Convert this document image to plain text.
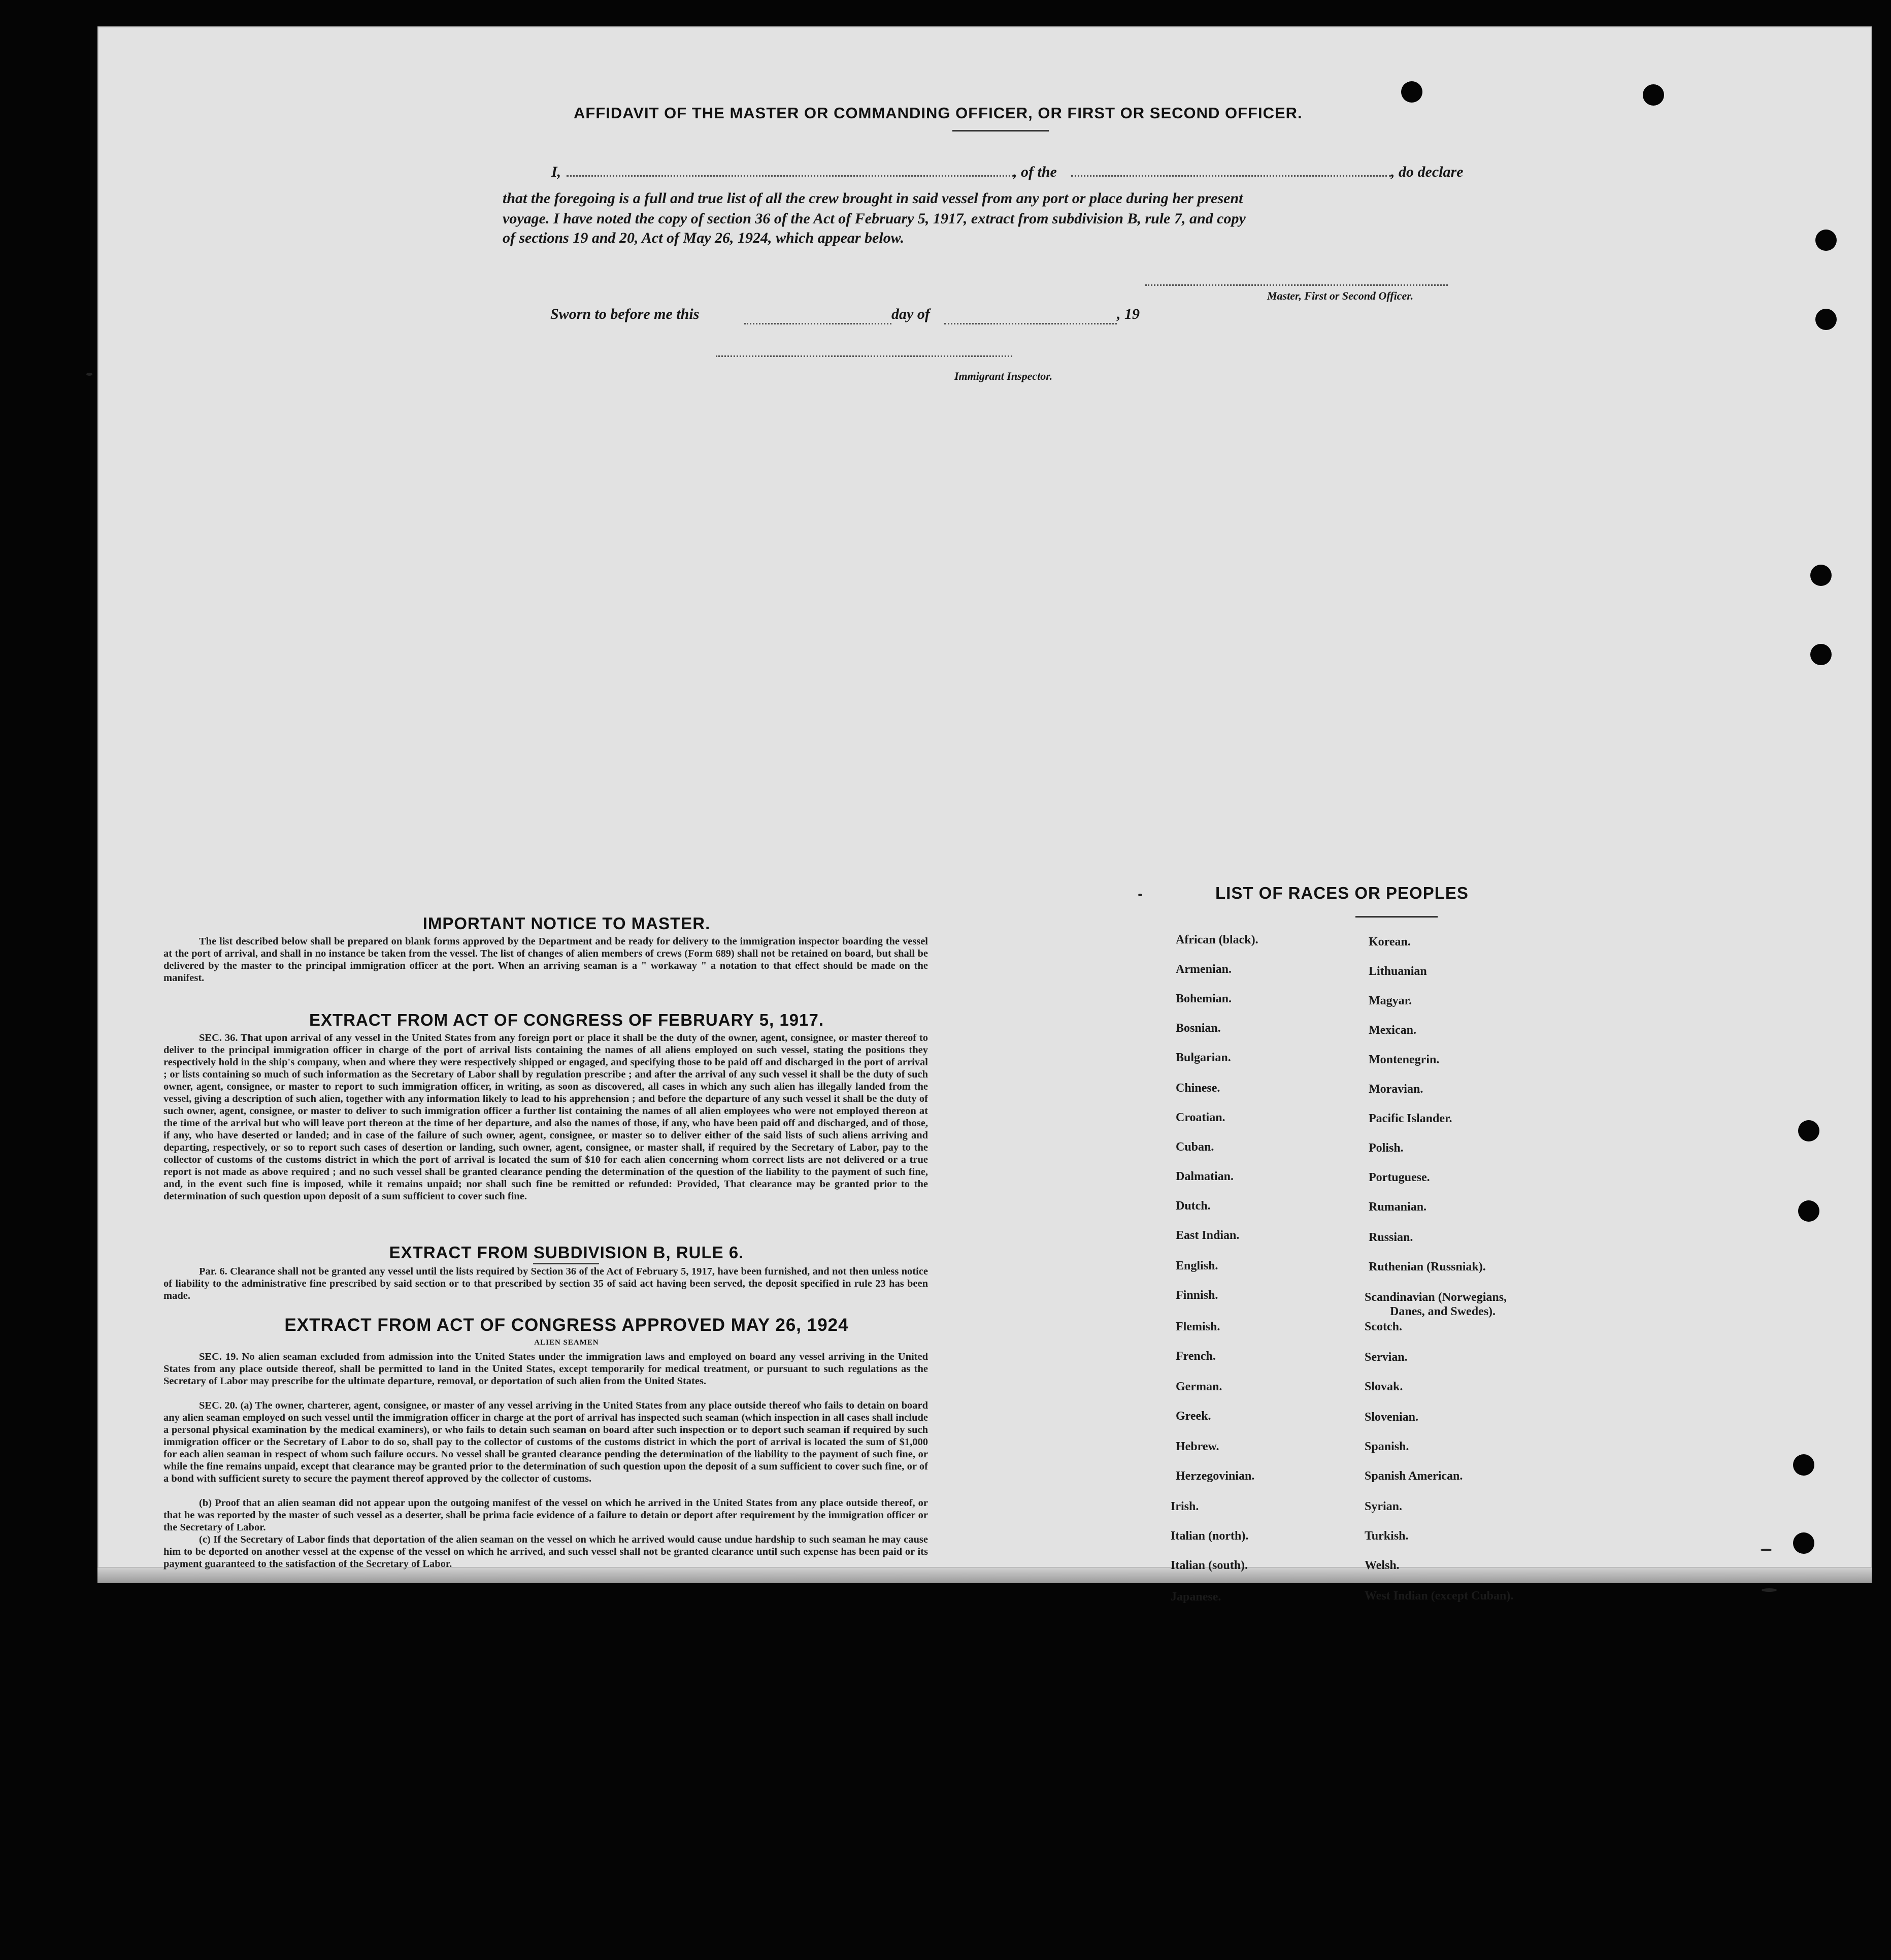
AFFIDAVIT OF THE MASTER OR COMMANDING OFFICER, OR FIRST OR SECOND OFFICER.
I,	, of the	, do declare
that the foregoing is a full and true list of all the crew brought in said vessel from any port or place during her present
voyage. I have noted the copy of section 36 of the Act of February 5, 1917, extract from subdivision B, rule 7, and copy
of sections 19 and 20, Act of May 26, 1924, which appear below.
Master, First or Second Officer.
Sworn to before me this	day of	, 19
Immigrant Inspector.
IMPORTANT NOTICE TO MASTER.
The list described below shall be prepared on blank forms approved by the Department and be ready for delivery to the immigration inspector boarding the vessel at the port of arrival, and shall in no instance be taken from the vessel. The list of changes of alien members of crews (Form 689) shall not be retained on board, but shall be delivered by the master to the principal immigration officer at the port. When an arriving seaman is a " workaway " a notation to that effect should be made on the manifest.
EXTRACT FROM ACT OF CONGRESS OF FEBRUARY 5, 1917.
SEC. 36. That upon arrival of any vessel in the United States from any foreign port or place it shall be the duty of the owner, agent, consignee, or master thereof to deliver to the principal immigration officer in charge of the port of arrival lists containing the names of all aliens employed on such vessel, stating the positions they respectively hold in the ship's company, when and where they were respectively shipped or engaged, and specifying those to be paid off and discharged in the port of arrival ; or lists containing so much of such information as the Secretary of Labor shall by regulation prescribe ; and after the arrival of any such vessel it shall be the duty of such owner, agent, consignee, or master to report to such immigration officer, in writing, as soon as discovered, all cases in which any such alien has illegally landed from the vessel, giving a description of such alien, together with any information likely to lead to his apprehension ; and before the departure of any such vessel it shall be the duty of such owner, agent, consignee, or master to deliver to such immigration officer a further list containing the names of all alien employees who were not employed thereon at the time of the arrival but who will leave port thereon at the time of her departure, and also the names of those, if any, who have been paid off and discharged, and of those, if any, who have deserted or landed; and in case of the failure of such owner, agent, consignee, or master so to deliver either of the said lists of such aliens arriving and departing, respectively, or so to report such cases of desertion or landing, such owner, agent, consignee, or master shall, if required by the Secretary of Labor, pay to the collector of customs of the customs district in which the port of arrival is located the sum of $10 for each alien concerning whom correct lists are not delivered or a true report is not made as above required ; and no such vessel shall be granted clearance pending the determination of the question of the liability to the payment of such fine, and, in the event such fine is imposed, while it remains unpaid; nor shall such fine be remitted or refunded: Provided, That clearance may be granted prior to the determination of such question upon deposit of a sum sufficient to cover such fine.
EXTRACT FROM SUBDIVISION B, RULE 6.
Par. 6. Clearance shall not be granted any vessel until the lists required by Section 36 of the Act of February 5, 1917, have been furnished, and not then unless notice of liability to the administrative fine prescribed by said section or to that prescribed by section 35 of said act having been served, the deposit specified in rule 23 has been made.
EXTRACT FROM ACT OF CONGRESS APPROVED MAY 26, 1924
ALIEN SEAMEN
SEC. 19. No alien seaman excluded from admission into the United States under the immigration laws and employed on board any vessel arriving in the United States from any place outside thereof, shall be permitted to land in the United States, except temporarily for medical treatment, or pursuant to such regulations as the Secretary of Labor may prescribe for the ultimate departure, removal, or deportation of such alien from the United States.
SEC. 20. (a) The owner, charterer, agent, consignee, or master of any vessel arriving in the United States from any place outside thereof who fails to detain on board any alien seaman employed on such vessel until the immigration officer in charge at the port of arrival has inspected such seaman (which inspection in all cases shall include a personal physical examination by the medical examiners), or who fails to detain such seaman on board after such inspection or to deport such seaman if required by such immigration officer or the Secretary of Labor to do so, shall pay to the collector of customs of the customs district in which the port of arrival is located the sum of $1,000 for each alien seaman in respect of whom such failure occurs. No vessel shall be granted clearance pending the determination of the liability to the payment of such fine, or while the fine remains unpaid, except that clearance may be granted prior to the determination of such question upon the deposit of a sum sufficient to cover such fine, or of a bond with sufficient surety to secure the payment thereof approved by the collector of customs.
(b) Proof that an alien seaman did not appear upon the outgoing manifest of the vessel on which he arrived in the United States from any place outside thereof, or that he was reported by the master of such vessel as a deserter, shall be prima facie evidence of a failure to detain or deport after requirement by the immigration officer or the Secretary of Labor.
(c) If the Secretary of Labor finds that deportation of the alien seaman on the vessel on which he arrived would cause undue hardship to such seaman he may cause him to be deported on another vessel at the expense of the vessel on which he arrived, and such vessel shall not be granted clearance until such expense has been paid or its payment guaranteed to the satisfaction of the Secretary of Labor.
LIST OF RACES OR PEOPLES
African (black).
Armenian.
Bohemian.
Bosnian.
Bulgarian.
Chinese.
Croatian.
Cuban.
Dalmatian.
Dutch.
East Indian.
English.
Finnish.
Flemish.
French.
German.
Greek.
Hebrew.
Herzegovinian.
Irish.
Italian (north).
Italian (south).
Japanese.
Korean.
Lithuanian
Magyar.
Mexican.
Montenegrin.
Moravian.
Pacific Islander.
Polish.
Portuguese.
Rumanian.
Russian.
Ruthenian (Russniak).
Scandinavian (Norwegians,
Scotch.
Servian.
Slovak.
Slovenian.
Spanish.
Spanish American.
Syrian.
Turkish.
Welsh.
West Indian (except Cuban).
Danes, and Swedes).
